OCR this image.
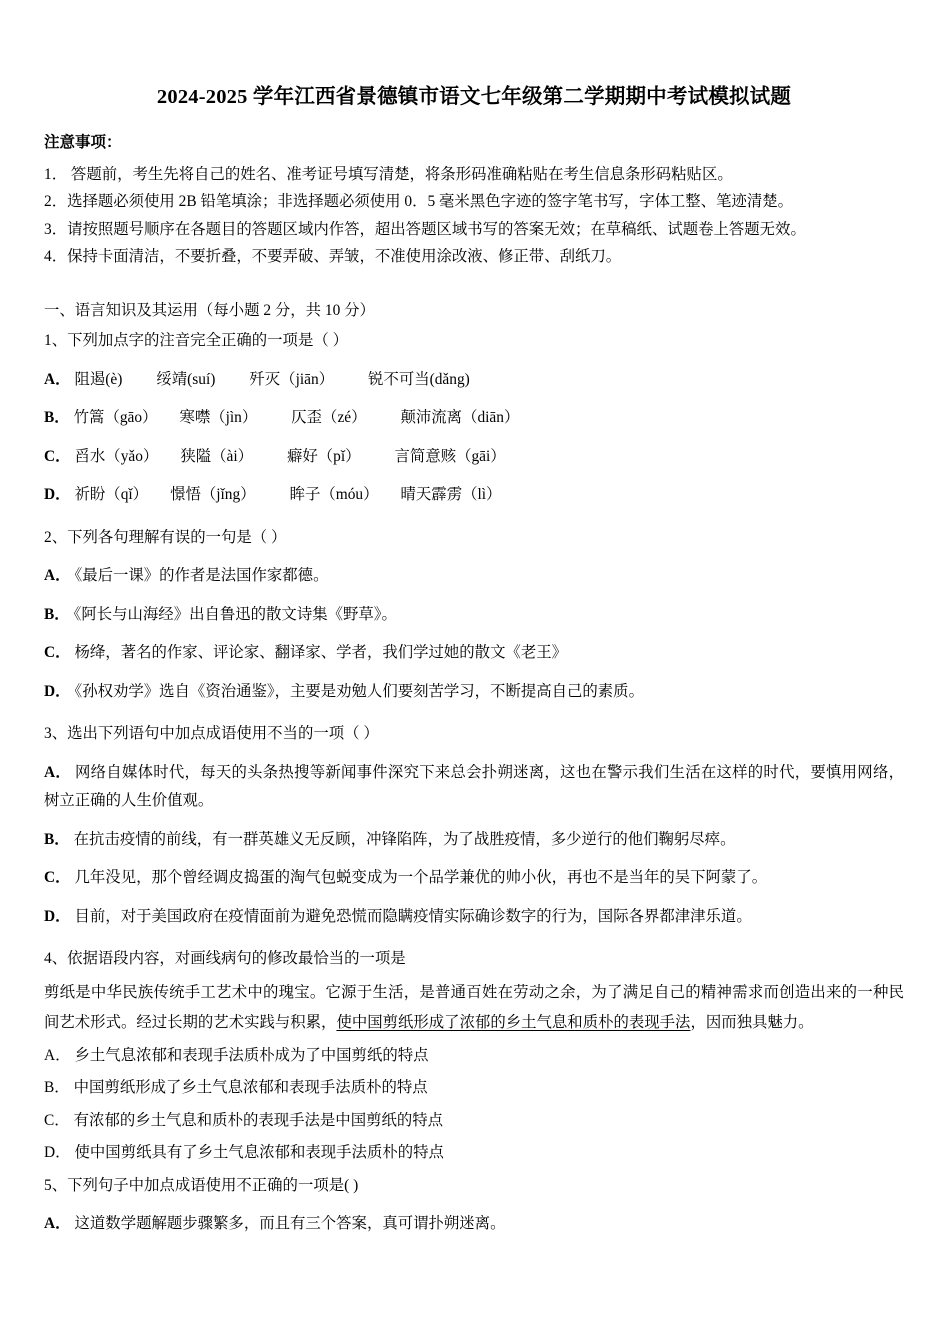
2024-2025 学年江西省景德镇市语文七年级第二学期期中考试模拟试题
注意事项：
1． 答题前，考生先将自己的姓名、准考证号填写清楚，将条形码准确粘贴在考生信息条形码粘贴区。
2．选择题必须使用 2B 铅笔填涂；非选择题必须使用 0．5 毫米黑色字迹的签字笔书写，字体工整、笔迹清楚。
3．请按照题号顺序在各题目的答题区域内作答，超出答题区域书写的答案无效；在草稿纸、试题卷上答题无效。
4．保持卡面清洁，不要折叠，不要弄破、弄皱，不准使用涂改液、修正带、刮纸刀。
一、语言知识及其运用（每小题 2 分，共 10 分）
1、下列加点字的注音完全正确的一项是（ ）
A． 阻遏(è) 绥靖(suí) 歼灭（jiān） 锐不可当(dǎng)
B． 竹篙（gāo） 寒噤（jìn） 仄歪（zé） 颠沛流离（diān）
C． 舀水（yǎo） 狭隘（ài） 癖好（pǐ） 言简意赅（gāi）
D． 祈盼（qǐ） 憬悟（jǐng） 眸子（móu） 晴天霹雳（lì）
2、下列各句理解有误的一句是（ ）
A． 《最后一课》的作者是法国作家都德。
B． 《阿长与山海经》出自鲁迅的散文诗集《野草》。
C． 杨绛，著名的作家、评论家、翻译家、学者，我们学过她的散文《老王》
D． 《孙权劝学》选自《资治通鉴》，主要是劝勉人们要刻苦学习，不断提高自己的素质。
3、选出下列语句中加点成语使用不当的一项（ ）
A． 网络自媒体时代，每天的头条热搜等新闻事件深究下来总会扑朔迷离，这也在警示我们生活在这样的时代，要慎用网络，树立正确的人生价值观。
B． 在抗击疫情的前线，有一群英雄义无反顾，冲锋陷阵，为了战胜疫情，多少逆行的他们鞠躬尽瘁。
C． 几年没见，那个曾经调皮捣蛋的淘气包蜕变成为一个品学兼优的帅小伙，再也不是当年的吴下阿蒙了。
D． 目前，对于美国政府在疫情面前为避免恐慌而隐瞒疫情实际确诊数字的行为，国际各界都津津乐道。
4、依据语段内容，对画线病句的修改最恰当的一项是
剪纸是中华民族传统手工艺术中的瑰宝。它源于生活，是普通百姓在劳动之余，为了满足自己的精神需求而创造出来的一种民间艺术形式。经过长期的艺术实践与积累，使中国剪纸形成了浓郁的乡土气息和质朴的表现手法，因而独具魅力。
A． 乡土气息浓郁和表现手法质朴成为了中国剪纸的特点
B． 中国剪纸形成了乡土气息浓郁和表现手法质朴的特点
C． 有浓郁的乡土气息和质朴的表现手法是中国剪纸的特点
D． 使中国剪纸具有了乡土气息浓郁和表现手法质朴的特点
5、下列句子中加点成语使用不正确的一项是( )
A． 这道数学题解题步骤繁多，而且有三个答案，真可谓扑朔迷离。
